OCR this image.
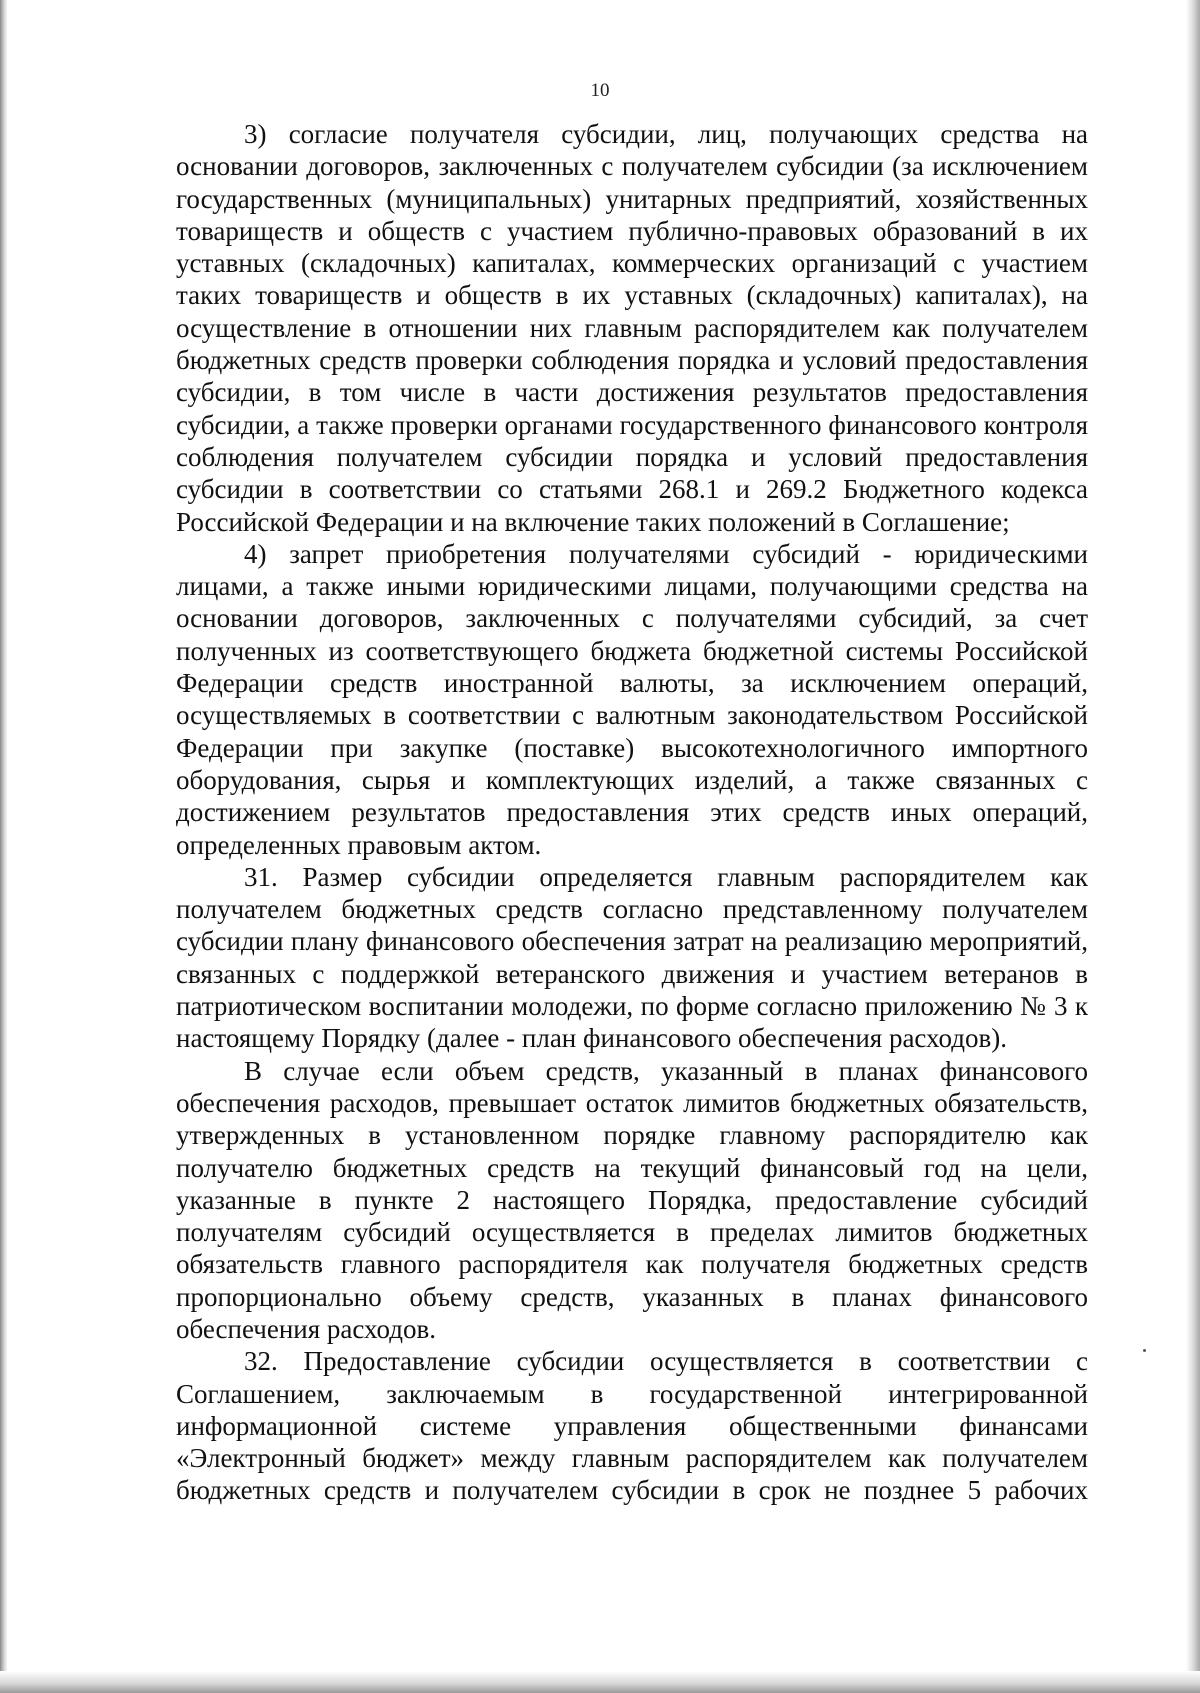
10

3) согласие получателя субсидии, лиц, получающих средства на основании договоров, заключенных с получателем субсидии (за исключением государственных (муниципальных) унитарных предприятий, хозяйственных товариществ и обществ с участием публично-правовых образований в их уставных (складочных) капиталах, коммерческих организаций с участием таких товариществ и обществ в их уставных (складочных) капиталах), на осуществление в отношении них главным распорядителем как получателем бюджетных средств проверки соблюдения порядка и условий предоставления субсидии, в том числе в части достижения результатов предоставления субсидии, а также проверки органами государственного финансового контроля соблюдения получателем субсидии порядка и условий предоставления субсидии в соответствии со статьями 268.1 и 269.2 Бюджетного кодекса Российской Федерации и на включение таких положений в Соглашение;

4) запрет приобретения получателями субсидий - юридическими лицами, а также иными юридическими лицами, получающими средства на основании договоров, заключенных с получателями субсидий, за счет полученных из соответствующего бюджета бюджетной системы Российской Федерации средств иностранной валюты, за исключением операций, осуществляемых в соответствии с валютным законодательством Российской Федерации при закупке (поставке) высокотехнологичного импортного оборудования, сырья и комплектующих изделий, а также связанных с достижением результатов предоставления этих средств иных операций, определенных правовым актом.

31. Размер субсидии определяется главным распорядителем как получателем бюджетных средств согласно представленному получателем субсидии плану финансового обеспечения затрат на реализацию мероприятий, связанных с поддержкой ветеранского движения и участием ветеранов в патриотическом воспитании молодежи, по форме согласно приложению № 3 к настоящему Порядку (далее - план финансового обеспечения расходов).

В случае если объем средств, указанный в планах финансового обеспечения расходов, превышает остаток лимитов бюджетных обязательств, утвержденных в установленном порядке главному распорядителю как получателю бюджетных средств на текущий финансовый год на цели, указанные в пункте 2 настоящего Порядка, предоставление субсидий получателям субсидий осуществляется в пределах лимитов бюджетных обязательств главного распорядителя как получателя бюджетных средств пропорционально объему средств, указанных в планах финансового обеспечения расходов.

32. Предоставление субсидии осуществляется в соответствии с Соглашением, заключаемым в государственной интегрированной информационной системе управления общественными финансами «Электронный бюджет» между главным распорядителем как получателем бюджетных средств и получателем субсидии в срок не позднее 5 рабочих
